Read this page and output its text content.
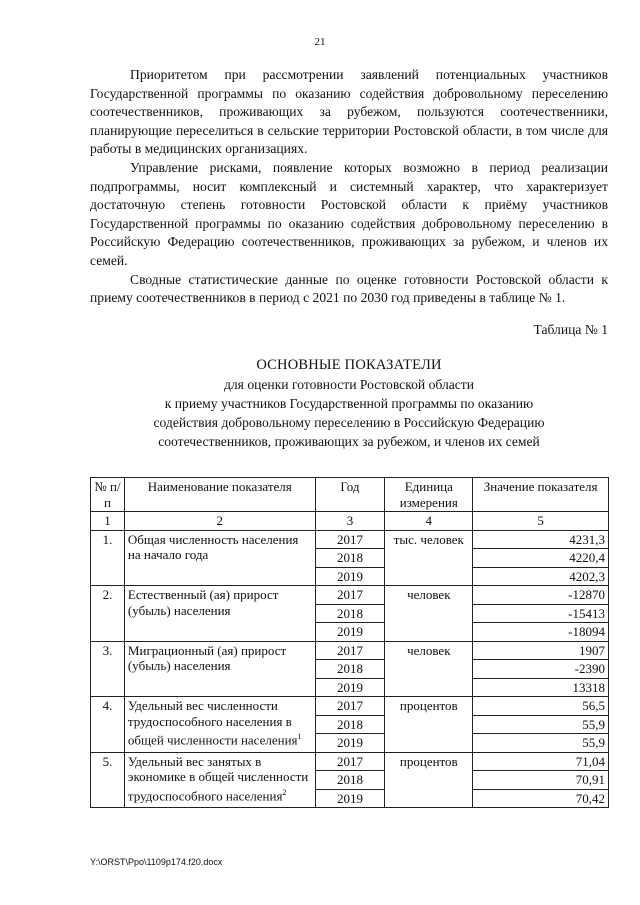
21

Приоритетом при рассмотрении заявлений потенциальных участников Государственной программы по оказанию содействия добровольному переселению соотечественников, проживающих за рубежом, пользуются соотечественники, планирующие переселиться в сельские территории Ростовской области, в том числе для работы в медицинских организациях.

Управление рисками, появление которых возможно в период реализации подпрограммы, носит комплексный и системный характер, что характеризует достаточную степень готовности Ростовской области к приёму участников Государственной программы по оказанию содействия добровольному переселению в Российскую Федерацию соотечественников, проживающих за рубежом, и членов их семей.

Сводные статистические данные по оценке готовности Ростовской области к приему соотечественников в период с 2021 по 2030 год приведены в таблице № 1.

Таблица № 1
ОСНОВНЫЕ ПОКАЗАТЕЛИ
для оценки готовности Ростовской области
к приему участников Государственной программы по оказанию
содействия добровольному переселению в Российскую Федерацию
соотечественников, проживающих за рубежом, и членов их семей
№ п/п	Наименование показателя	Год	Единица измерения	Значение показателя
1	2	3	4	5
1.	Общая численность населения на начало года	2017	тыс. человек	4231,3
		2018		4220,4
		2019		4202,3
2.	Естественный (ая) прирост (убыль) населения	2017	человек	-12870
		2018		-15413
		2019		-18094
3.	Миграционный (ая) прирост (убыль) населения	2017	человек	1907
		2018		-2390
		2019		13318
4.	Удельный вес численности трудоспособного населения в общей численности населения$^1$	2017	процентов	56,5
		2018		55,9
		2019		55,9
5.	Удельный вес занятых в экономике в общей численности трудоспособного населения$^2$	2017	процентов	71,04
		2018		70,91
		2019		70,42
Y:\ORST\Ppo\1109p174.f20.docx
